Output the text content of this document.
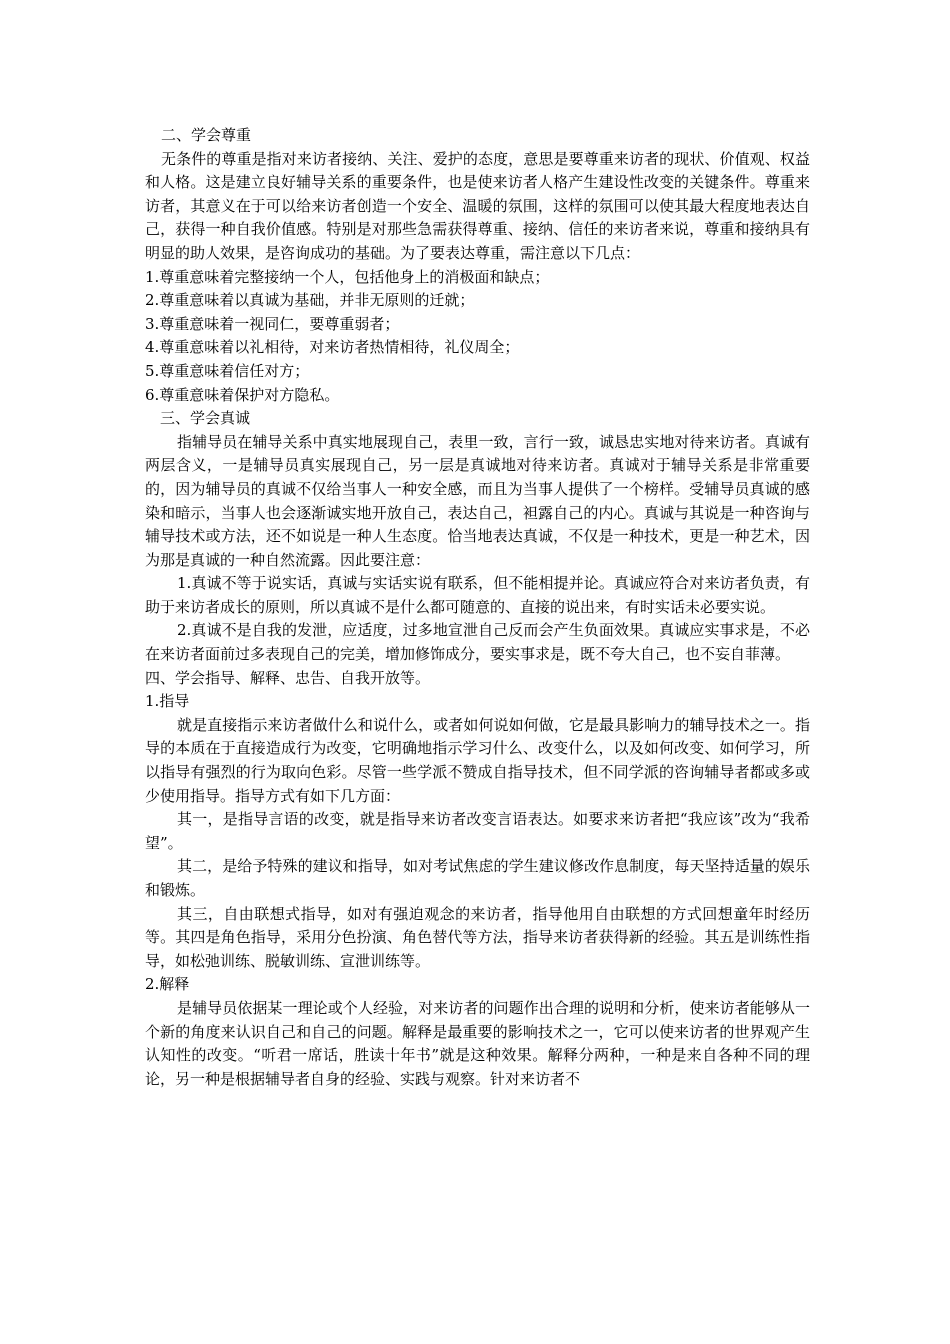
二、学会尊重

无条件的尊重是指对来访者接纳、关注、爱护的态度，意思是要尊重来访者的现状、价值观、权益和人格。这是建立良好辅导关系的重要条件，也是使来访者人格产生建设性改变的关键条件。尊重来访者，其意义在于可以给来访者创造一个安全、温暖的氛围，这样的氛围可以使其最大程度地表达自己，获得一种自我价值感。特别是对那些急需获得尊重、接纳、信任的来访者来说，尊重和接纳具有明显的助人效果，是咨询成功的基础。为了要表达尊重，需注意以下几点：

1.尊重意味着完整接纳一个人，包括他身上的消极面和缺点；

2.尊重意味着以真诚为基础，并非无原则的迁就；

3.尊重意味着一视同仁，要尊重弱者；

4.尊重意味着以礼相待，对来访者热情相待，礼仪周全；

5.尊重意味着信任对方；

6.尊重意味着保护对方隐私。

三、学会真诚

指辅导员在辅导关系中真实地展现自己，表里一致，言行一致，诚恳忠实地对待来访者。真诚有两层含义，一是辅导员真实展现自己，另一层是真诚地对待来访者。真诚对于辅导关系是非常重要的，因为辅导员的真诚不仅给当事人一种安全感，而且为当事人提供了一个榜样。受辅导员真诚的感染和暗示，当事人也会逐渐诚实地开放自己，表达自己，袒露自己的内心。真诚与其说是一种咨询与辅导技术或方法，还不如说是一种人生态度。恰当地表达真诚，不仅是一种技术，更是一种艺术，因为那是真诚的一种自然流露。因此要注意：

1.真诚不等于说实话，真诚与实话实说有联系，但不能相提并论。真诚应符合对来访者负责，有助于来访者成长的原则，所以真诚不是什么都可随意的、直接的说出来，有时实话未必要实说。

2.真诚不是自我的发泄，应适度，过多地宣泄自己反而会产生负面效果。真诚应实事求是，不必在来访者面前过多表现自己的完美，增加修饰成分，要实事求是，既不夸大自己，也不妄自菲薄。

四、学会指导、解释、忠告、自我开放等。

1.指导

就是直接指示来访者做什么和说什么，或者如何说如何做，它是最具影响力的辅导技术之一。指导的本质在于直接造成行为改变，它明确地指示学习什么、改变什么，以及如何改变、如何学习，所以指导有强烈的行为取向色彩。尽管一些学派不赞成自指导技术，但不同学派的咨询辅导者都或多或少使用指导。指导方式有如下几方面：

其一，是指导言语的改变，就是指导来访者改变言语表达。如要求来访者把“我应该”改为“我希望”。

其二，是给予特殊的建议和指导，如对考试焦虑的学生建议修改作息制度，每天坚持适量的娱乐和锻炼。

其三，自由联想式指导，如对有强迫观念的来访者，指导他用自由联想的方式回想童年时经历等。其四是角色指导，采用分色扮演、角色替代等方法，指导来访者获得新的经验。其五是训练性指导，如松弛训练、脱敏训练、宣泄训练等。

2.解释

是辅导员依据某一理论或个人经验，对来访者的问题作出合理的说明和分析，使来访者能够从一个新的角度来认识自己和自己的问题。解释是最重要的影响技术之一，它可以使来访者的世界观产生认知性的改变。“听君一席话，胜读十年书”就是这种效果。解释分两种，一种是来自各种不同的理论，另一种是根据辅导者自身的经验、实践与观察。针对来访者不
